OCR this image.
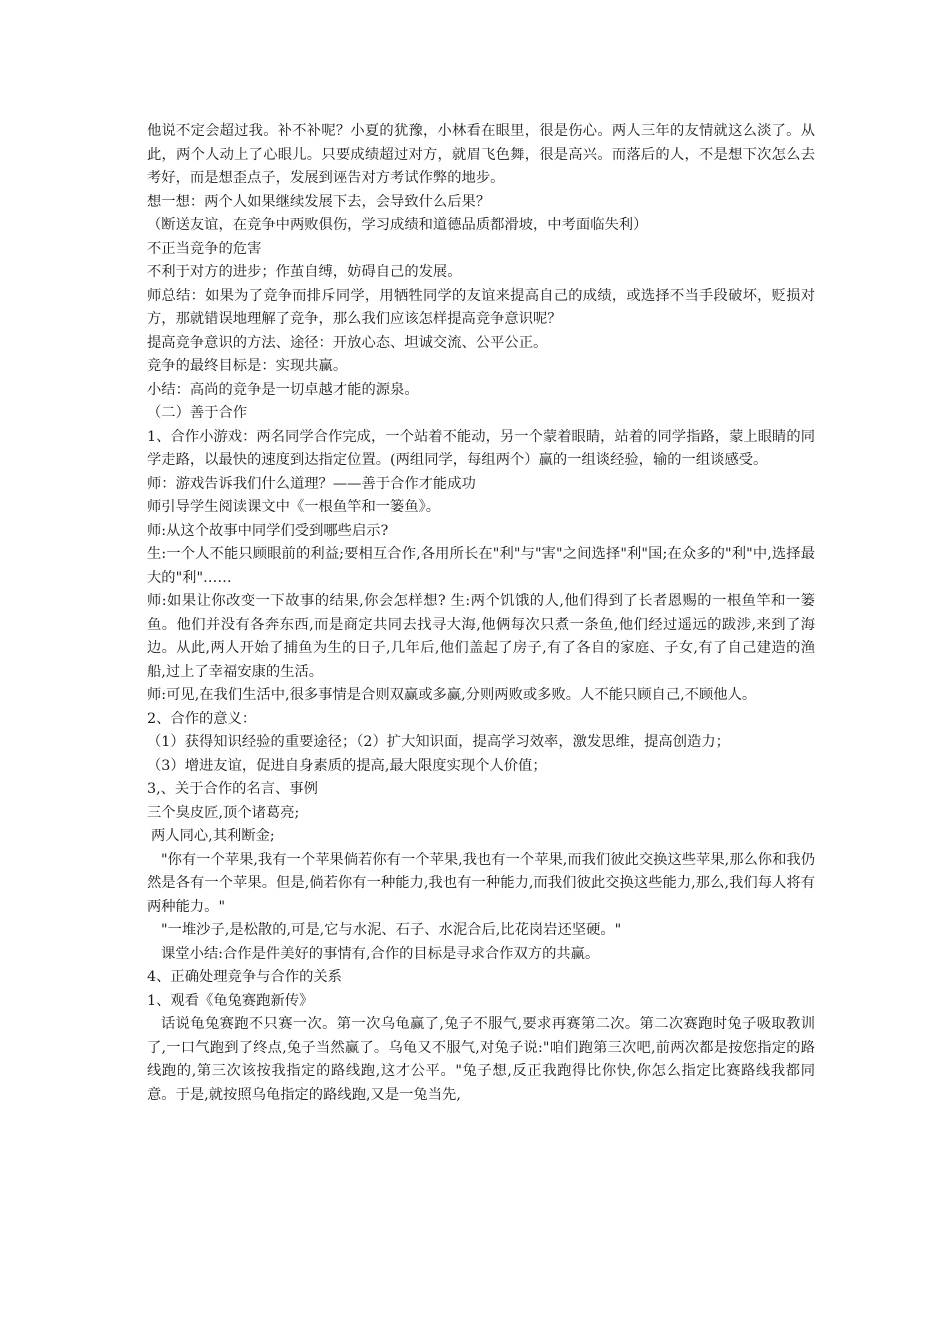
他说不定会超过我。补不补呢？小夏的犹豫，小林看在眼里，很是伤心。两人三年的友情就这么淡了。从此，两个人动上了心眼儿。只要成绩超过对方，就眉飞色舞，很是高兴。而落后的人，不是想下次怎么去考好，而是想歪点子，发展到诬告对方考试作弊的地步。

想一想：两个人如果继续发展下去，会导致什么后果？

（断送友谊，在竞争中两败俱伤，学习成绩和道德品质都滑坡，中考面临失利）

不正当竞争的危害

不利于对方的进步；作茧自缚，妨碍自己的发展。

师总结：如果为了竞争而排斥同学，用牺牲同学的友谊来提高自己的成绩，或选择不当手段破坏，贬损对方，那就错误地理解了竞争，那么我们应该怎样提高竞争意识呢？

提高竞争意识的方法、途径：开放心态、坦诚交流、公平公正。

竞争的最终目标是：实现共赢。

小结：高尚的竞争是一切卓越才能的源泉。

（二）善于合作

1、合作小游戏：两名同学合作完成，一个站着不能动，另一个蒙着眼睛，站着的同学指路，蒙上眼睛的同学走路，以最快的速度到达指定位置。(两组同学，每组两个）赢的一组谈经验，输的一组谈感受。

师：游戏告诉我们什么道理？——善于合作才能成功

师引导学生阅读课文中《一根鱼竿和一篓鱼》。

师:从这个故事中同学们受到哪些启示?

生:一个人不能只顾眼前的利益;要相互合作,各用所长在"利"与"害"之间选择"利"国;在众多的"利"中,选择最大的"利"……

师:如果让你改变一下故事的结果,你会怎样想? 生:两个饥饿的人,他们得到了长者恩赐的一根鱼竿和一篓鱼。他们并没有各奔东西,而是商定共同去找寻大海,他俩每次只煮一条鱼,他们经过遥远的跋涉,来到了海边。从此,两人开始了捕鱼为生的日子,几年后,他们盖起了房子,有了各自的家庭、子女,有了自己建造的渔船,过上了幸福安康的生活。

师:可见,在我们生活中,很多事情是合则双赢或多赢,分则两败或多败。人不能只顾自己,不顾他人。

2、合作的意义：

（1）获得知识经验的重要途径；（2）扩大知识面，提高学习效率，激发思维，提高创造力；

（3）增进友谊，促进自身素质的提高,最大限度实现个人价值；

3,、关于合作的名言、事例

三个臭皮匠,顶个诸葛亮;

两人同心,其利断金;

"你有一个苹果,我有一个苹果倘若你有一个苹果,我也有一个苹果,而我们彼此交换这些苹果,那么你和我仍然是各有一个苹果。但是,倘若你有一种能力,我也有一种能力,而我们彼此交换这些能力,那么,我们每人将有两种能力。"

"一堆沙子,是松散的,可是,它与水泥、石子、水泥合后,比花岗岩还坚硬。"

课堂小结:合作是件美好的事情有,合作的目标是寻求合作双方的共赢。

4、正确处理竞争与合作的关系

1、观看《龟兔赛跑新传》

话说龟兔赛跑不只赛一次。第一次乌龟赢了,兔子不服气,要求再赛第二次。第二次赛跑时兔子吸取教训了,一口气跑到了终点,兔子当然赢了。乌龟又不服气,对兔子说:"咱们跑第三次吧,前两次都是按您指定的路线跑的,第三次该按我指定的路线跑,这才公平。"兔子想,反正我跑得比你快,你怎么指定比赛路线我都同意。于是,就按照乌龟指定的路线跑,又是一兔当先,
